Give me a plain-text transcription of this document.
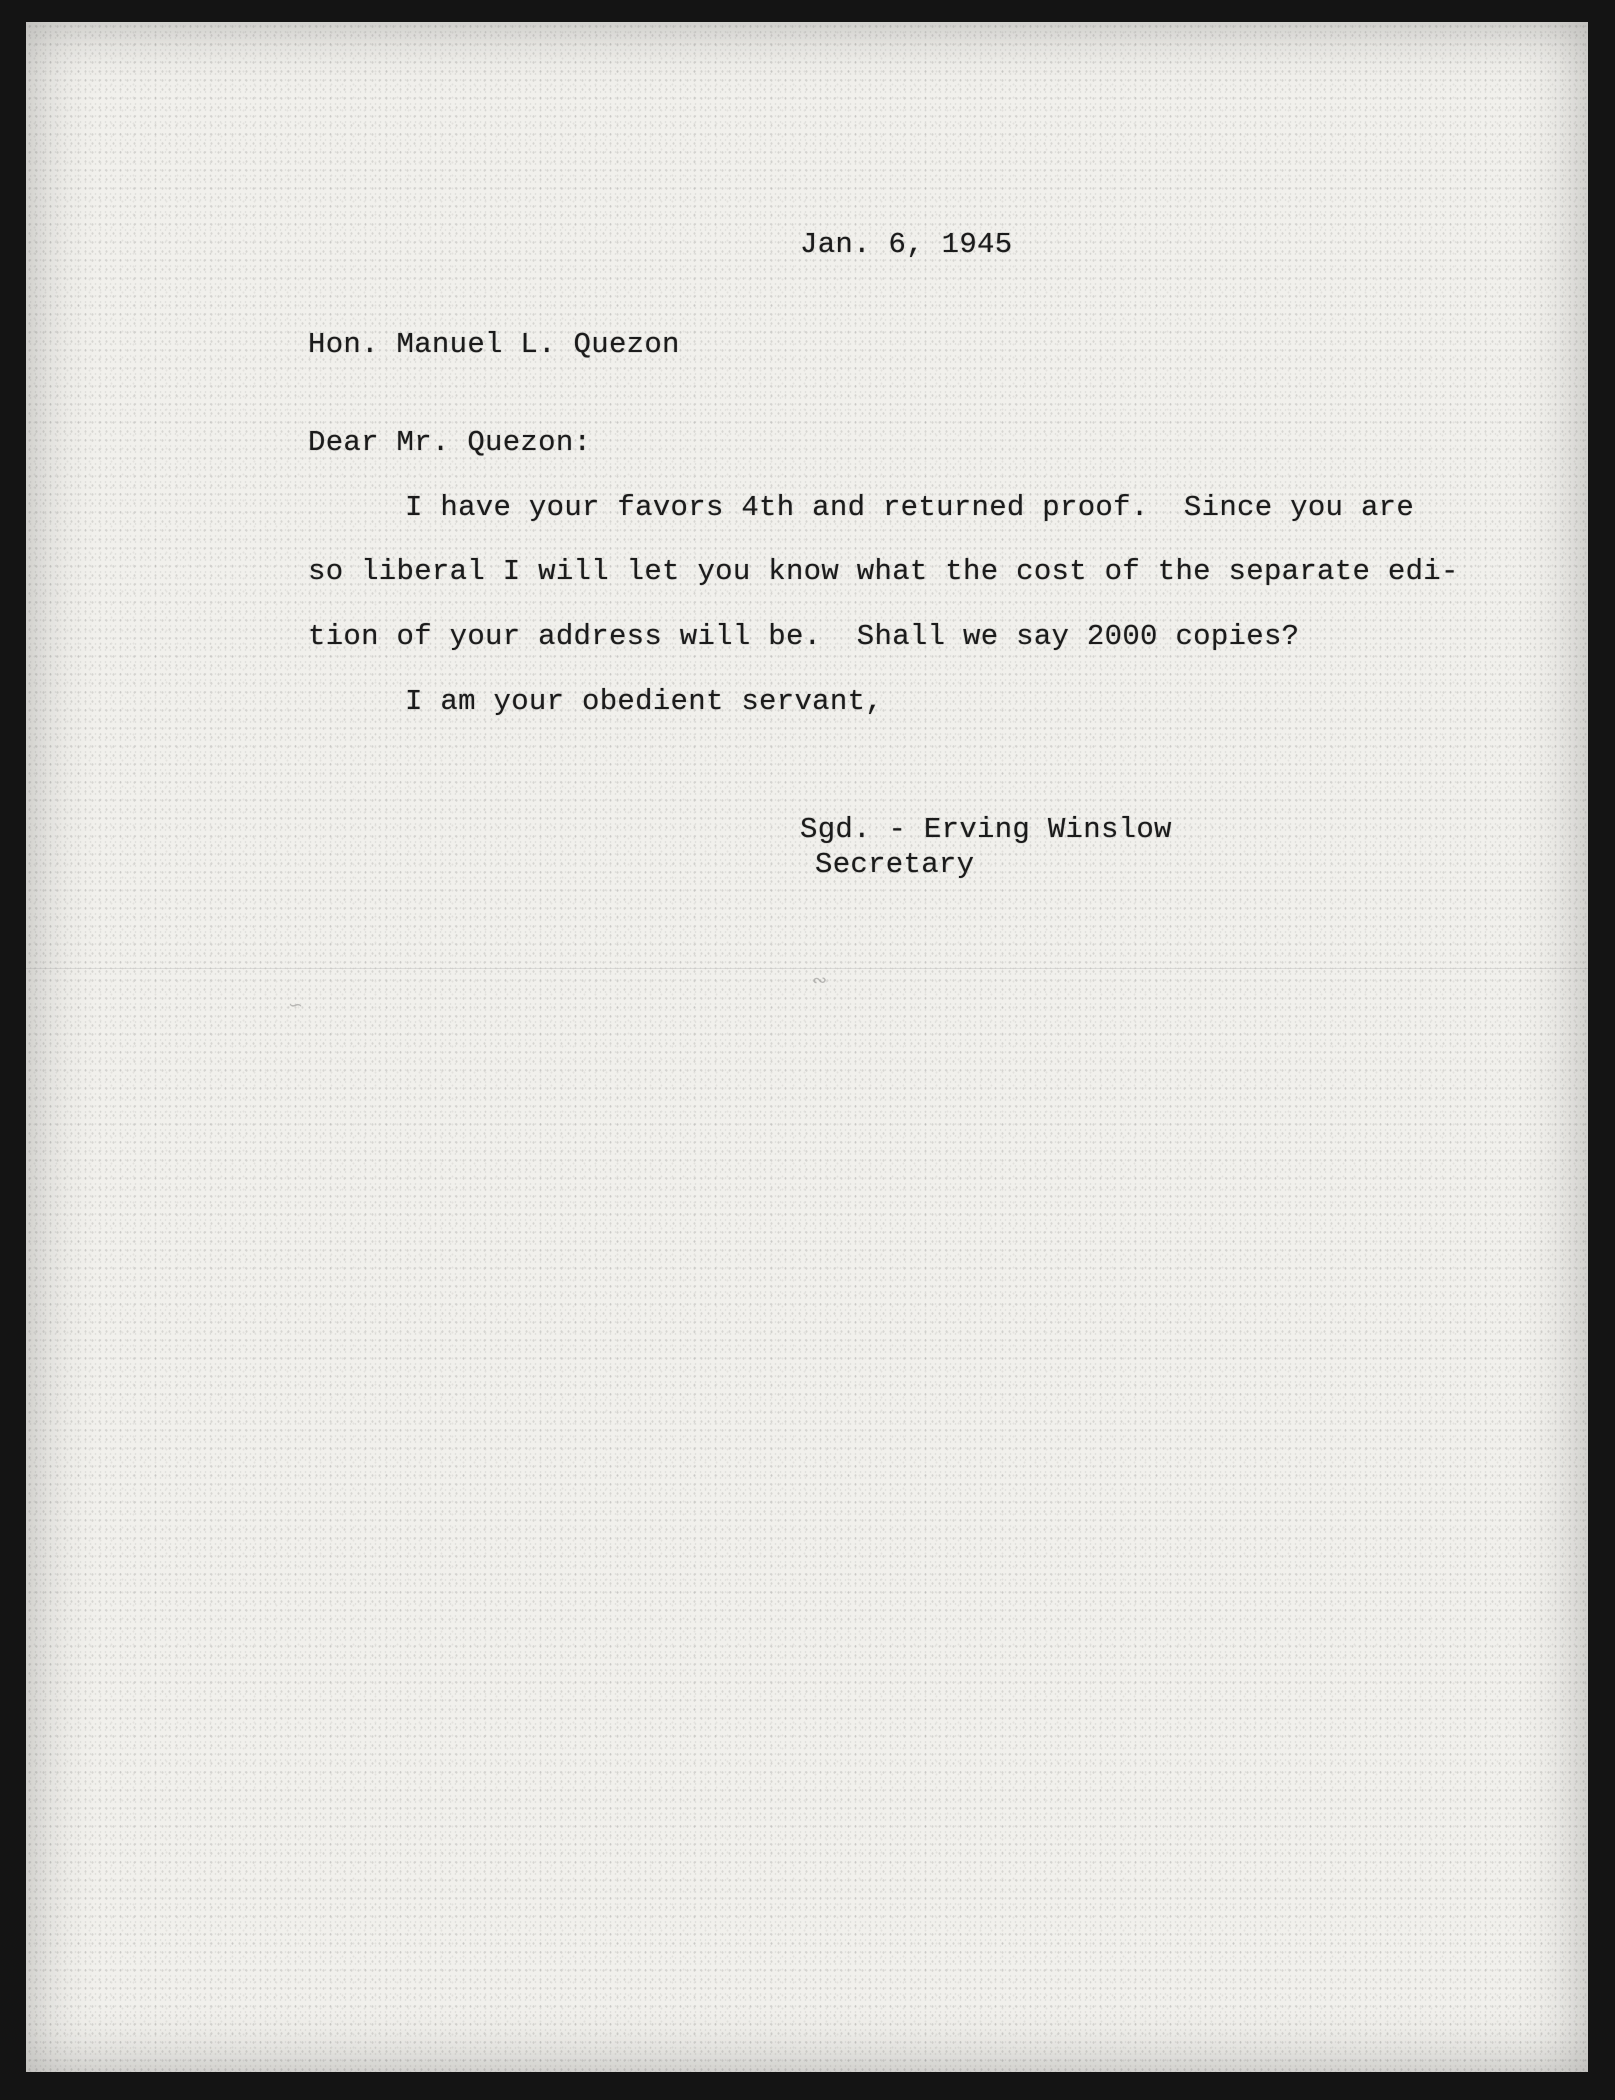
Jan. 6, 1945

Hon. Manuel L. Quezon

Dear Mr. Quezon:

I have your favors 4th and returned proof.  Since you are

so liberal I will let you know what the cost of the separate edi-

tion of your address will be.  Shall we say 2000 copies?

I am your obedient servant,

Sgd. - Erving Winslow

Secretary

∽
∾
